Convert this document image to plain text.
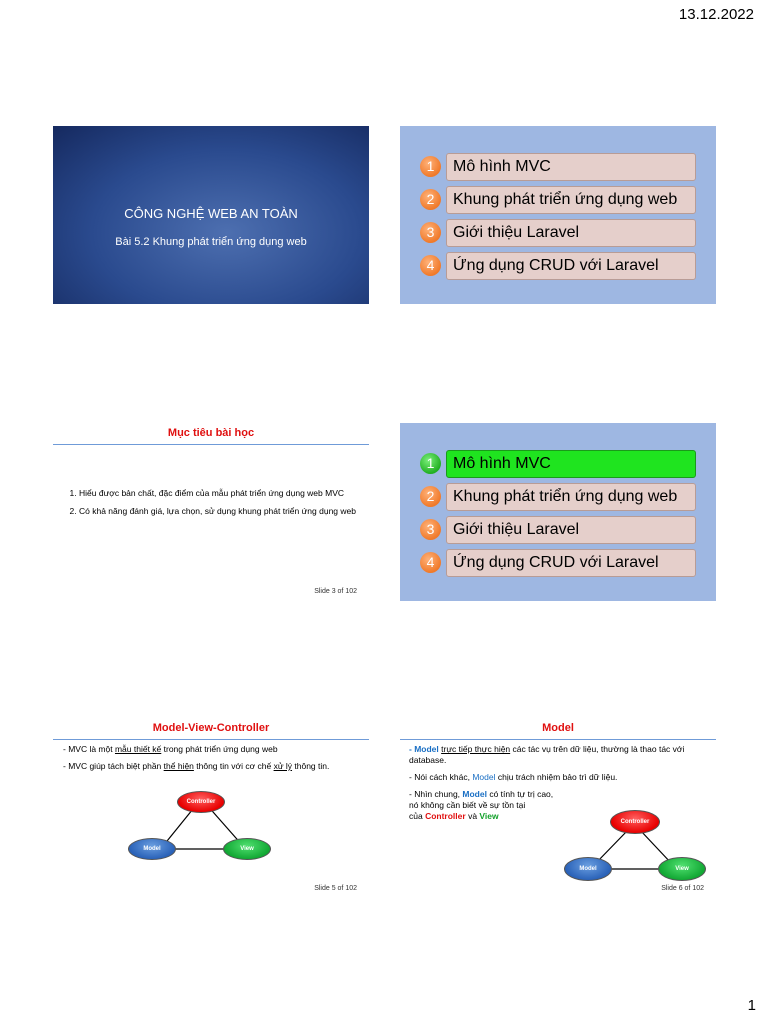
13.12.2022
CÔNG NGHỆ WEB AN TOÀN
Bài 5.2 Khung phát triển ứng dụng web
1	Mô hình MVC
2	Khung phát triển ứng dụng web
3	Giới thiệu Laravel
4	Ứng dụng CRUD với Laravel
Mục tiêu bài học
1. Hiểu được bản chất, đặc điểm của mẫu phát triển ứng dụng web MVC
2. Có khả năng đánh giá, lựa chọn, sử dụng khung phát triển ứng dụng web
Slide 3 of 102
1	Mô hình MVC
2	Khung phát triển ứng dụng web
3	Giới thiệu Laravel
4	Ứng dụng CRUD với Laravel
Model-View-Controller

- MVC là một mẫu thiết kế trong phát triển ứng dụng web

- MVC giúp tách biệt phần thể hiện thông tin với cơ chế xử lý thông tin.

Controller
Model	View
Slide 5 of 102
Model

- Model trực tiếp thực hiện các tác vụ trên dữ liệu, thường là thao tác với database.

- Nói cách khác, Model chịu trách nhiệm bảo trì dữ liệu.

- Nhìn chung, Model có tính tự trị cao,
nó không cần biết về sự tồn tại
của Controller và View

Controller
Model	View
Slide 6 of 102
1
